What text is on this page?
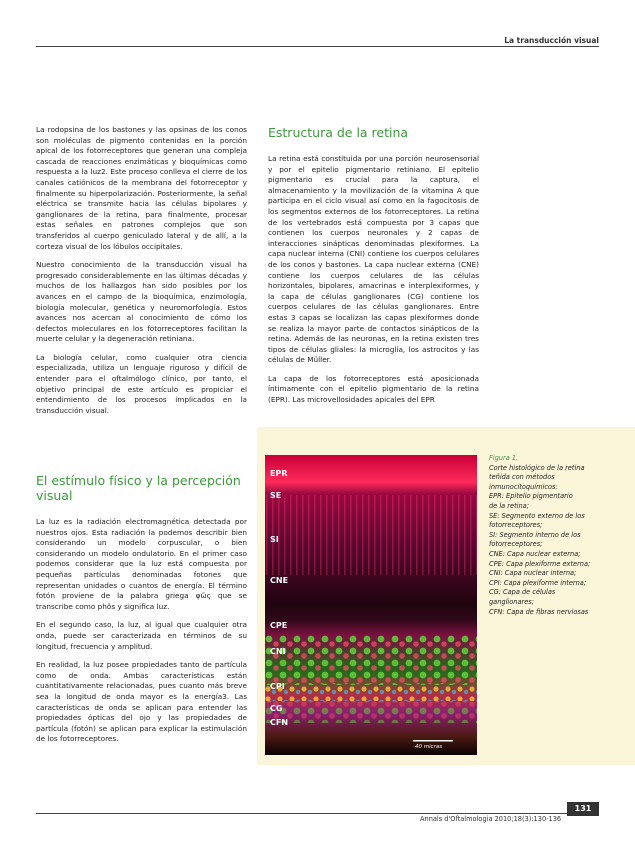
La transducción visual

La rodopsina de los bastones y las opsinas de los conos son moléculas de pigmento contenidas en la porción apical de los fotorreceptores que generan una compleja cascada de reacciones enzimáticas y bioquímicas como respuesta a la luz2. Este proceso conlleva el cierre de los canales catiónicos de la membrana del fotorreceptor y finalmente su hiperpolarización. Posteriormente, la señal eléctrica se transmite hacia las células bipolares y ganglionares de la retina, para finalmente, procesar estas señales en patrones complejos que son transferidos al cuerpo geniculado lateral y de allí, a la corteza visual de los lóbulos occipitales.

Nuestro conocimiento de la transducción visual ha progresado considerablemente en las últimas décadas y muchos de los hallazgos han sido posibles por los avances en el campo de la bioquímica, enzimología, biología molecular, genética y neuromorfología. Estos avances nos acercan al conocimiento de cómo los defectos moleculares en los fotorreceptores facilitan la muerte celular y la degeneración retiniana.

La biología celular, como cualquier otra ciencia especializada, utiliza un lenguaje riguroso y difícil de entender para el oftalmólogo clínico, por tanto, el objetivo principal de este artículo es propiciar el entendimiento de los procesos implicados en la transducción visual.

El estímulo físico y la percepción visual

La luz es la radiación electromagnética detectada por nuestros ojos. Esta radiación la podemos describir bien considerando un modelo corpuscular, o bien considerando un modelo ondulatorio. En el primer caso podemos considerar que la luz está compuesta por pequeñas partículas denominadas fotones que representan unidades o cuantos de energía. El término fotón proviene de la palabra griega φῶς que se transcribe como phôs y significa luz.

En el segundo caso, la luz, al igual que cualquier otra onda, puede ser caracterizada en términos de su longitud, frecuencia y amplitud.

En realidad, la luz posee propiedades tanto de partícula como de onda. Ambas características están cuantitativamente relacionadas, pues cuanto más breve sea la longitud de onda mayor es la energía3. Las características de onda se aplican para entender las propiedades ópticas del ojo y las propiedades de partícula (fotón) se aplican para explicar la estimulación de los fotorreceptores.

Estructura de la retina

La retina está constituida por una porción neurosensorial y por el epitelio pigmentario retiniano. El epitelio pigmentario es crucial para la captura, el almacenamiento y la movilización de la vitamina A que participa en el ciclo visual así como en la fagocitosis de los segmentos externos de los fotorreceptores. La retina de los vertebrados está compuesta por 3 capas que contienen los cuerpos neuronales y 2 capas de interacciones sinápticas denominadas plexiformes. La capa nuclear interna (CNI) contiene los cuerpos celulares de los conos y bastones. La capa nuclear externa (CNE) contiene los cuerpos celulares de las células horizontales, bipolares, amacrinas e interplexiformes, y la capa de células ganglionares (CG) contiene los cuerpos celulares de las células ganglionares. Entre estas 3 capas se localizan las capas plexiformes donde se realiza la mayor parte de contactos sinápticos de la retina. Además de las neuronas, en la retina existen tres tipos de células gliales: la microglía, los astrocitos y las células de Müller.

La capa de los fotorreceptores está aposicionada íntimamente con el epitelio pigmentario de la retina (EPR). Las microvellosidades apicales del EPR

EPR
SE
SI
CNE
CPE
CNI
CPI
CG
CFN
40 micras
Figura 1.
Corte histológico de la retina
teñida con métodos
inmunocitoquímicos:
EPR: Epitelio pigmentario
de la retina;
SE: Segmento externo de los
fotorreceptores;
SI: Segmento interno de los
fotorreceptores;
CNE: Capa nuclear externa;
CPE: Capa plexiforme externa;
CNI: Capa nuclear interna;
CPI: Capa plexiforme interna;
CG: Capa de células
ganglionares;
CFN: Capa de fibras nerviosas
Annals d'Oftalmologia 2010;18(3):130-136
131
